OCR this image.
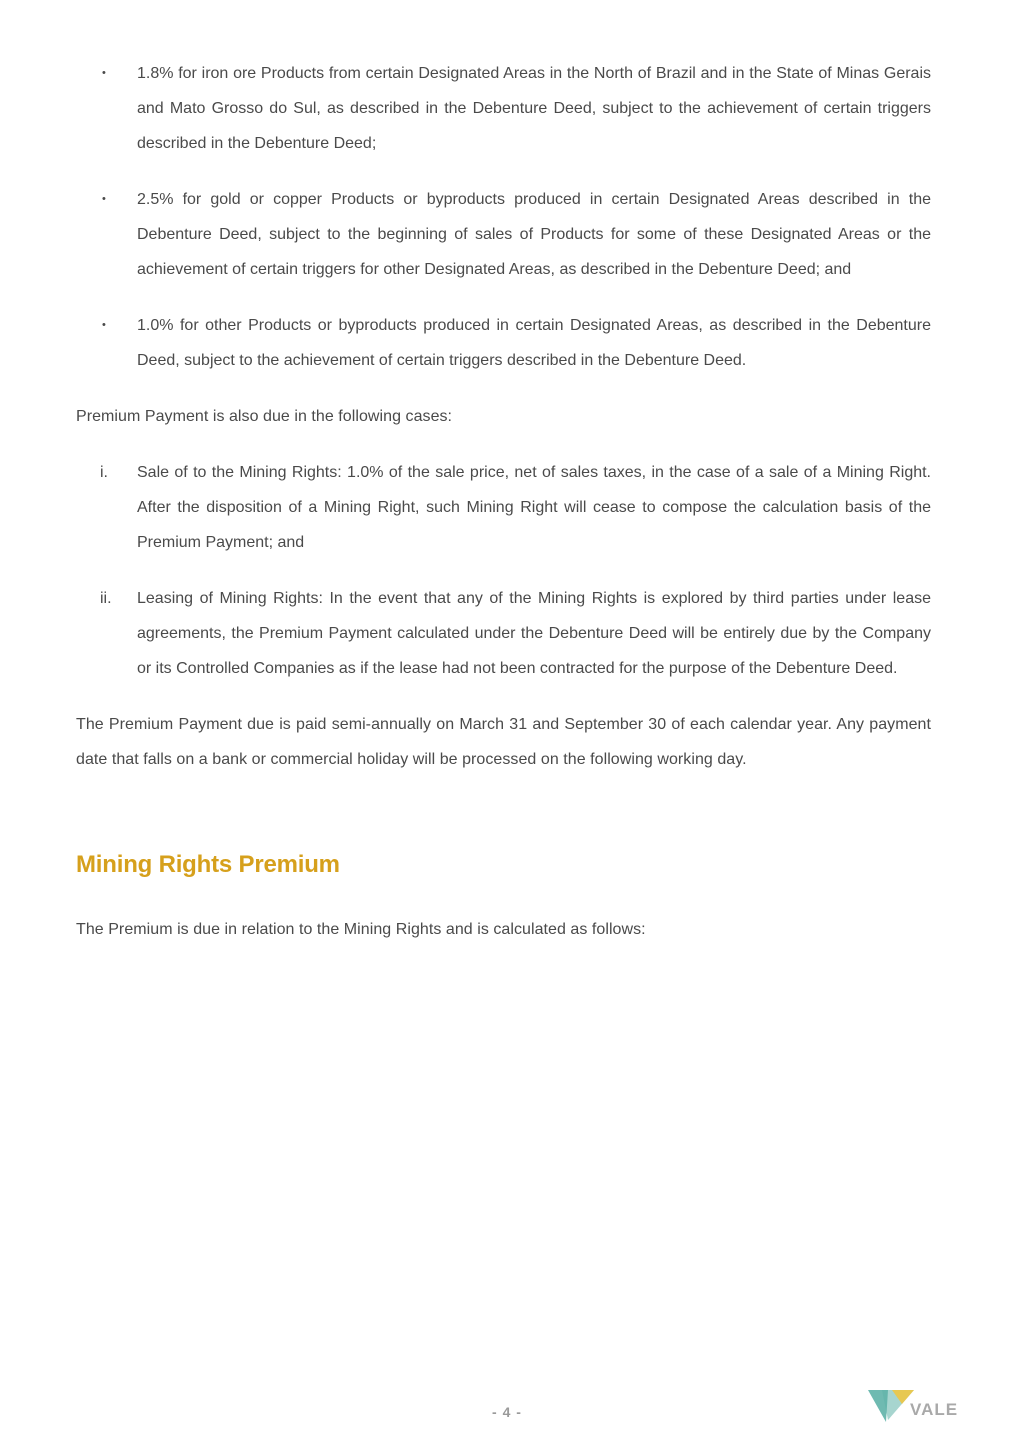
• 1.8% for iron ore Products from certain Designated Areas in the North of Brazil and in the State of Minas Gerais and Mato Grosso do Sul, as described in the Debenture Deed, subject to the achievement of certain triggers described in the Debenture Deed;
• 2.5% for gold or copper Products or byproducts produced in certain Designated Areas described in the Debenture Deed, subject to the beginning of sales of Products for some of these Designated Areas or the achievement of certain triggers for other Designated Areas, as described in the Debenture Deed; and
• 1.0% for other Products or byproducts produced in certain Designated Areas, as described in the Debenture Deed, subject to the achievement of certain triggers described in the Debenture Deed.

Premium Payment is also due in the following cases:

i. Sale of to the Mining Rights: 1.0% of the sale price, net of sales taxes, in the case of a sale of a Mining Right. After the disposition of a Mining Right, such Mining Right will cease to compose the calculation basis of the Premium Payment; and
ii. Leasing of Mining Rights: In the event that any of the Mining Rights is explored by third parties under lease agreements, the Premium Payment calculated under the Debenture Deed will be entirely due by the Company or its Controlled Companies as if the lease had not been contracted for the purpose of the Debenture Deed.

The Premium Payment due is paid semi-annually on March 31 and September 30 of each calendar year. Any payment date that falls on a bank or commercial holiday will be processed on the following working day.

Mining Rights Premium

The Premium is due in relation to the Mining Rights and is calculated as follows:

- 4 -	VALE
